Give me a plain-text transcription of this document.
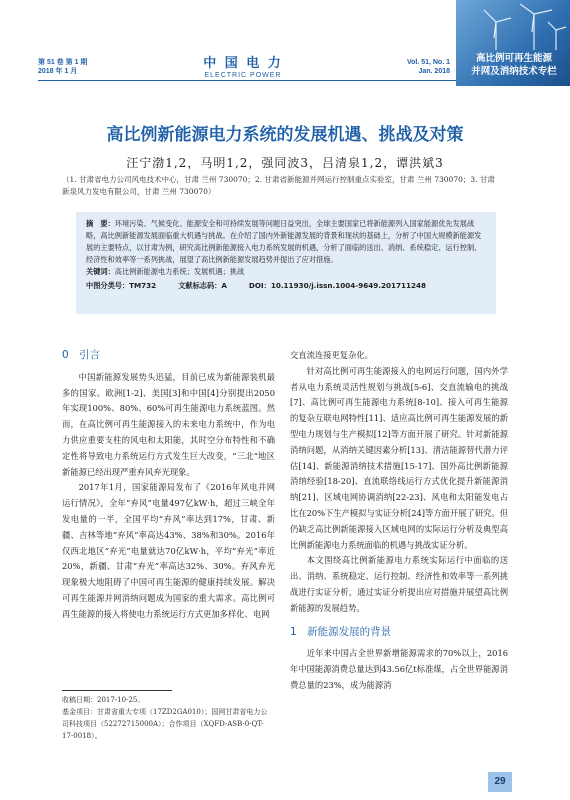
第 51 卷 第 1 期
2018 年 1 月
中 国 电 力
ELECTRIC POWER
Vol. 51, No. 1
Jan. 2018
高比例可再生能源
并网及消纳技术专栏
高比例新能源电力系统的发展机遇、挑战及对策
汪宁渤1,2，马明1,2，强同波3，吕清泉1,2，谭洪斌3
（1. 甘肃省电力公司风电技术中心，甘肃 兰州 730070；2. 甘肃省新能源并网运行控制重点实验室，甘肃 兰州 730070；3. 甘肃新泉风力发电有限公司，甘肃 兰州 730070）
摘　要：环境污染、气候变化、能源安全和可持续发展等问题日益突出，全球主要国家已将新能源列入国家能源优先发展战略，高比例新能源发展面临重大机遇与挑战。在介绍了国内外新能源发展的背景和现状的基础上，分析了中国大规模新能源发展的主要特点，以甘肃为例，研究高比例新能源接入电力系统发展的机遇，分析了面临的送出、消纳、系统稳定、运行控制、经济性和效率等一系列挑战，展望了高比例新能源发展趋势并提出了应对措施。
关键词：高比例新能源电力系统；发展机遇；挑战
中图分类号：TM732	文献标志码：A	DOI：10.11930/j.issn.1004-9649.201711248

0　引言

中国新能源发展势头迅猛，目前已成为新能源装机最多的国家。欧洲[1-2]、美国[3]和中国[4]分别提出2050年实现100%、80%、60%可再生能源电力系统蓝图。然而，在高比例可再生能源接入的未来电力系统中，作为电力供应重要支柱的风电和太阳能，其时空分布特性和不确定性将导致电力系统运行方式发生巨大改变，“三北”地区新能源已经出现严重弃风弃光现象。

2017年1月，国家能源局发布了《2016年风电并网运行情况》，全年“弃风”电量497亿kW·h，超过三峡全年发电量的一半，全国平均“弃风”率达到17%，甘肃、新疆、吉林等地“弃风”率高达43%、38%和30%。2016年仅西北地区“弃光”电量就达70亿kW·h，平均“弃光”率近20%，新疆、甘肃“弃光”率高达32%、30%。弃风弃光现象极大地阻碍了中国可再生能源的健康持续发展。解决可再生能源并网消纳问题成为国家的重大需求。高比例可再生能源的接入将使电力系统运行方式更加多样化、电网

收稿日期：2017-10-25。
基金项目：甘肃省重大专项（17ZD2GA010）；国网甘肃省电力公司科技项目（52272715000A）；合作项目（XQFD-ASB-0-QT-17-0018）。

交直流连接更复杂化。

针对高比例可再生能源接入的电网运行问题，国内外学者从电力系统灵活性规划与挑战[5-6]、交直流输电的挑战[7]、高比例可再生能源电力系统[8-10]、接入可再生能源的复杂互联电网特性[11]、适应高比例可再生能源发展的新型电力规划与生产模拟[12]等方面开展了研究。针对新能源消纳问题，从消纳关键因素分析[13]、清洁能源替代潜力评估[14]、新能源消纳技术措施[15-17]、国外高比例新能源消纳经验[18-20]、直流联络线运行方式优化提升新能源消纳[21]、区域电网协调消纳[22-23]、风电和太阳能发电占比在20%下生产模拟与实证分析[24]等方面开展了研究。但仍缺乏高比例新能源接入区域电网的实际运行分析及典型高比例新能源电力系统面临的机遇与挑战实证分析。

本文围绕高比例新能源电力系统实际运行中面临的送出、消纳、系统稳定、运行控制、经济性和效率等一系列挑战进行实证分析，通过实证分析提出应对措施并展望高比例新能源的发展趋势。

1　新能源发展的背景

近年来中国占全世界新增能源需求的70%以上，2016年中国能源消费总量达到43.56亿t标准煤，占全世界能源消费总量的23%，成为能源消

29
